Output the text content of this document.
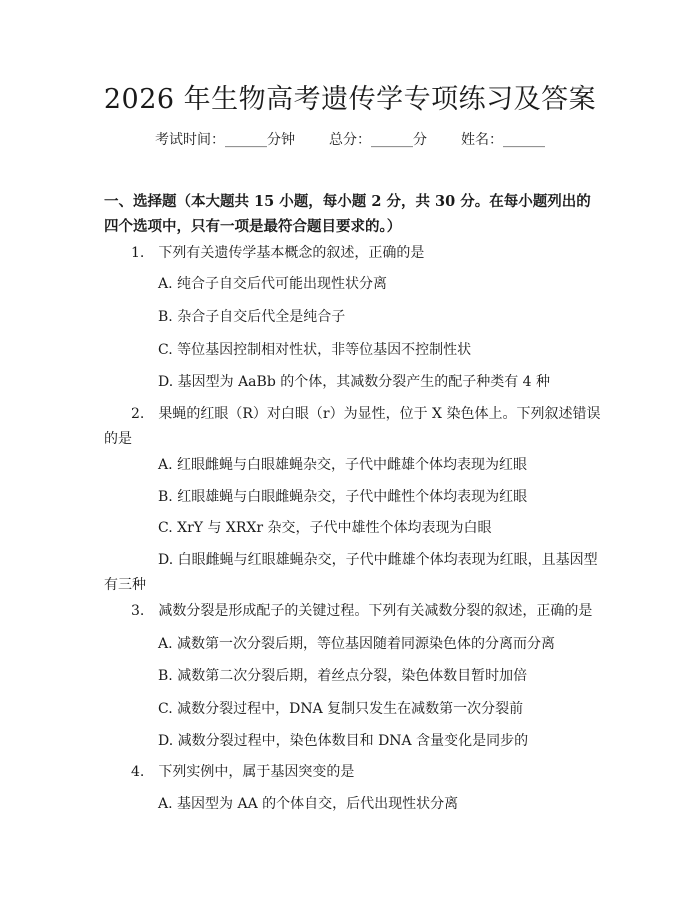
2026 年生物高考遗传学专项练习及答案
考试时间：______分钟 总分：______分 姓名：______
一、选择题（本大题共 15 小题，每小题 2 分，共 30 分。在每小题列出的四个选项中，只有一项是最符合题目要求的。）
1.　下列有关遗传学基本概念的叙述，正确的是
A. 纯合子自交后代可能出现性状分离
B. 杂合子自交后代全是纯合子
C. 等位基因控制相对性状，非等位基因不控制性状
D. 基因型为 AaBb 的个体，其减数分裂产生的配子种类有 4 种
2.　果蝇的红眼（R）对白眼（r）为显性，位于 X 染色体上。下列叙述错误的是
A. 红眼雌蝇与白眼雄蝇杂交，子代中雌雄个体均表现为红眼
B. 红眼雄蝇与白眼雌蝇杂交，子代中雌性个体均表现为红眼
C. XrY 与 XRXr 杂交，子代中雄性个体均表现为白眼
D. 白眼雌蝇与红眼雄蝇杂交，子代中雌雄个体均表现为红眼，且基因型有三种
3.　减数分裂是形成配子的关键过程。下列有关减数分裂的叙述，正确的是
A. 减数第一次分裂后期，等位基因随着同源染色体的分离而分离
B. 减数第二次分裂后期，着丝点分裂，染色体数目暂时加倍
C. 减数分裂过程中，DNA 复制只发生在减数第一次分裂前
D. 减数分裂过程中，染色体数目和 DNA 含量变化是同步的
4.　下列实例中，属于基因突变的是
A. 基因型为 AA 的个体自交，后代出现性状分离
